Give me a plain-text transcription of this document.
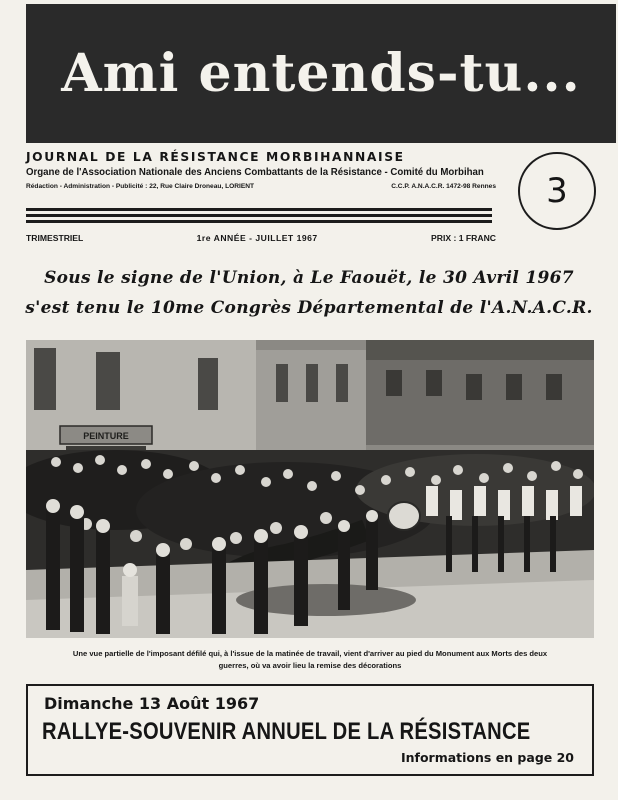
Ami entends-tu...
JOURNAL DE LA RÉSISTANCE MORBIHANNAISE
Organe de l'Association Nationale des Anciens Combattants de la Résistance - Comité du Morbihan
Rédaction - Administration - Publicité : 22, Rue Claire Droneau, LORIENT	C.C.P. A.N.A.C.R. 1472-98 Rennes	3
TRIMESTRIEL	1re ANNÉE - JUILLET 1967	PRIX : 1 FRANC
Sous le signe de l'Union, à Le Faouët, le 30 Avril 1967
s'est tenu le 10me Congrès Départemental de l'A.N.A.C.R.
PEINTURE
Une vue partielle de l'imposant défilé qui, à l'issue de la matinée de travail, vient d'arriver au pied du Monument aux Morts des deux
guerres, où va avoir lieu la remise des décorations
Dimanche 13 Août 1967
RALLYE-SOUVENIR ANNUEL DE LA RÉSISTANCE
Informations en page 20
